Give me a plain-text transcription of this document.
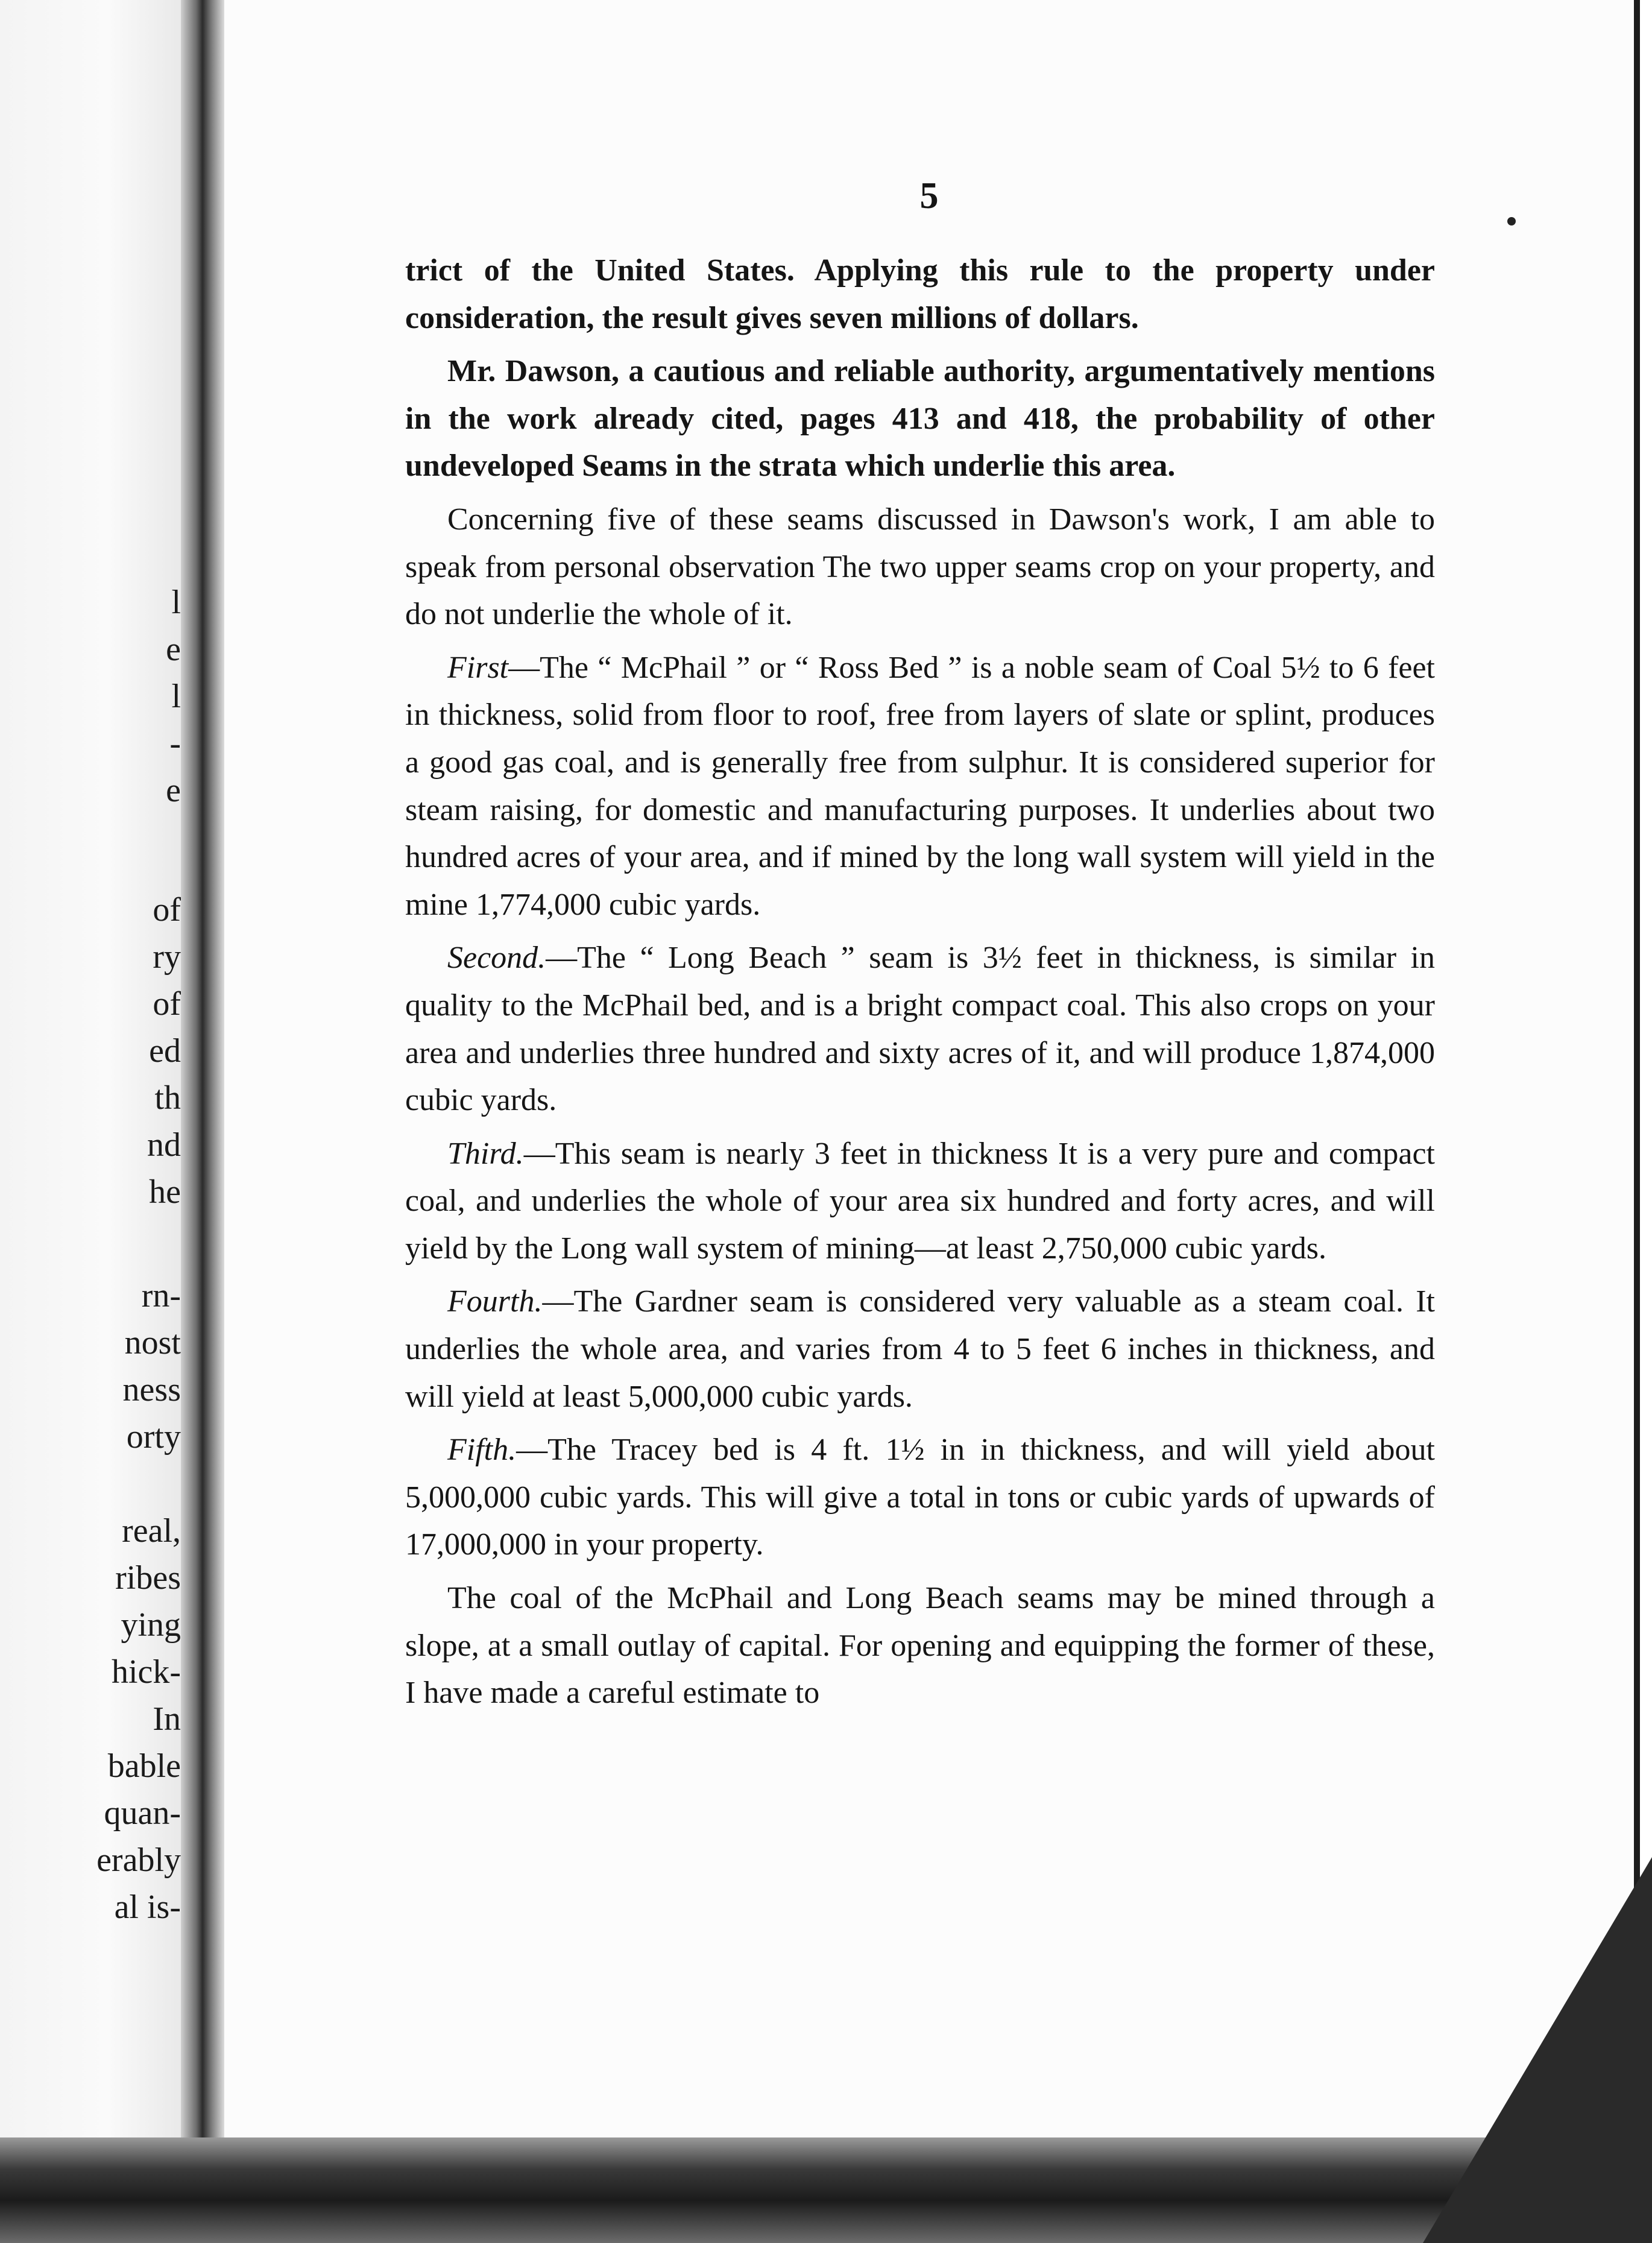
l
e
l
-
e
of
ry
of
ed
th
nd
he
rn-
nost
ness
orty
real,
ribes
ying
hick-
In
bable
quan-
erably
al is-
5

trict of the United States. Applying this rule to the property under consideration, the result gives seven millions of dollars.

Mr. Dawson, a cautious and reliable authority, argumentatively mentions in the work already cited, pages 413 and 418, the probability of other undeveloped Seams in the strata which underlie this area.

Concerning five of these seams discussed in Dawson's work, I am able to speak from personal observation The two upper seams crop on your property, and do not underlie the whole of it.

First—The “ McPhail ” or “ Ross Bed ” is a noble seam of Coal 5½ to 6 feet in thickness, solid from floor to roof, free from layers of slate or splint, produces a good gas coal, and is generally free from sulphur. It is considered superior for steam raising, for domestic and manufacturing purposes. It underlies about two hundred acres of your area, and if mined by the long wall system will yield in the mine 1,774,000 cubic yards.

Second.—The “ Long Beach ” seam is 3½ feet in thickness, is similar in quality to the McPhail bed, and is a bright compact coal. This also crops on your area and underlies three hundred and sixty acres of it, and will produce 1,874,000 cubic yards.

Third.—This seam is nearly 3 feet in thickness It is a very pure and compact coal, and underlies the whole of your area six hundred and forty acres, and will yield by the Long wall system of mining—at least 2,750,000 cubic yards.

Fourth.—The Gardner seam is considered very valuable as a steam coal. It underlies the whole area, and varies from 4 to 5 feet 6 inches in thickness, and will yield at least 5,000,000 cubic yards.

Fifth.—The Tracey bed is 4 ft. 1½ in in thickness, and will yield about 5,000,000 cubic yards. This will give a total in tons or cubic yards of upwards of 17,000,000 in your property.

The coal of the McPhail and Long Beach seams may be mined through a slope, at a small outlay of capital. For opening and equipping the former of these, I have made a careful estimate to
